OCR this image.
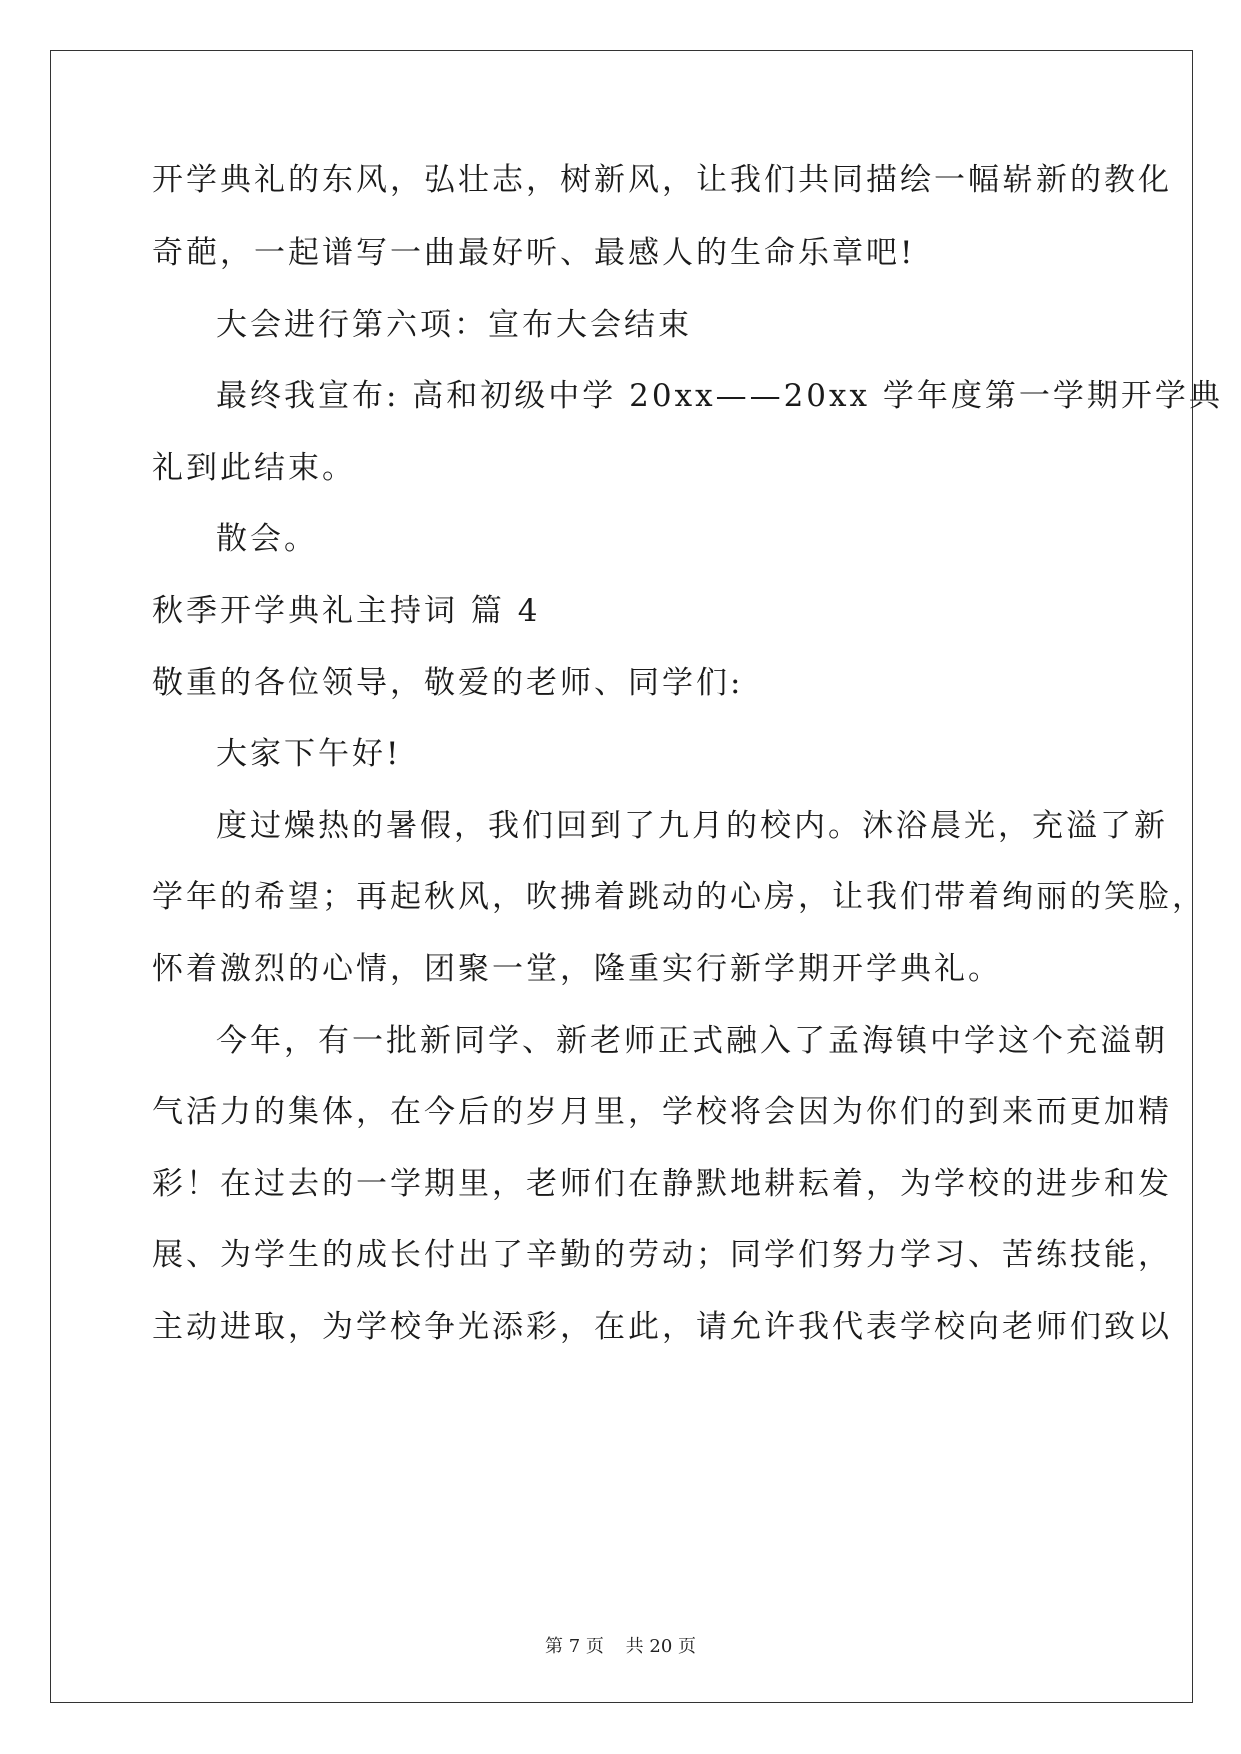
开学典礼的东风，弘壮志，树新风，让我们共同描绘一幅崭新的教化
奇葩，一起谱写一曲最好听、最感人的生命乐章吧!
大会进行第六项：宣布大会结束
最终我宣布: 高和初级中学 20xx——20xx 学年度第一学期开学典
礼到此结束。
散会。
秋季开学典礼主持词 篇 4
敬重的各位领导，敬爱的老师、同学们:
大家下午好!
度过燥热的暑假，我们回到了九月的校内。沐浴晨光，充溢了新
学年的希望；再起秋风，吹拂着跳动的心房，让我们带着绚丽的笑脸，
怀着激烈的心情，团聚一堂，隆重实行新学期开学典礼。
今年，有一批新同学、新老师正式融入了孟海镇中学这个充溢朝
气活力的集体，在今后的岁月里，学校将会因为你们的到来而更加精
彩！在过去的一学期里，老师们在静默地耕耘着，为学校的进步和发
展、为学生的成长付出了辛勤的劳动；同学们努力学习、苦练技能，
主动进取，为学校争光添彩，在此，请允许我代表学校向老师们致以
第 7 页 共 20 页
